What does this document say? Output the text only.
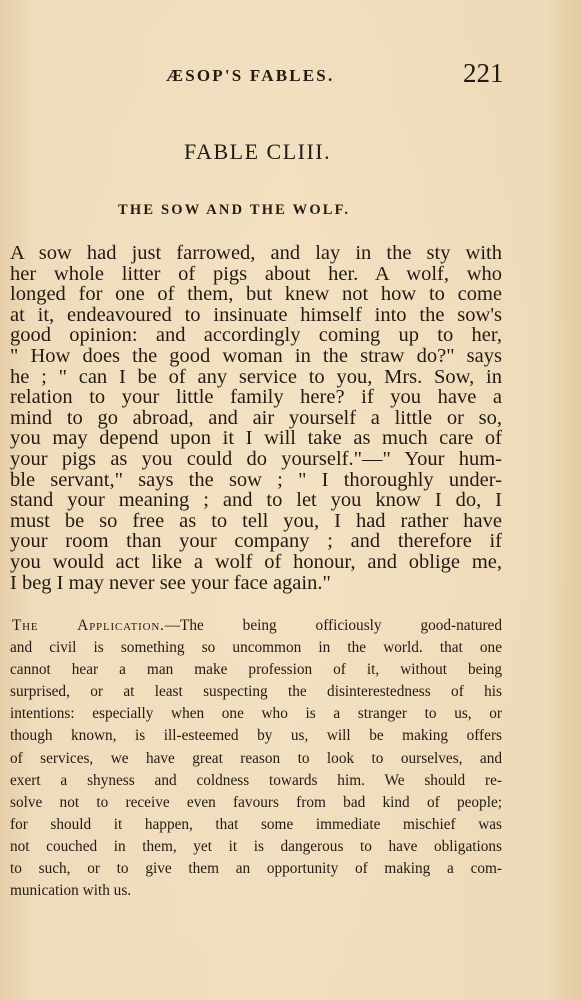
ÆSOP'S FABLES.	221
FABLE CLIII.
THE SOW AND THE WOLF.
A sow had just farrowed, and lay in the sty with
her whole litter of pigs about her. A wolf, who
longed for one of them, but knew not how to come
at it, endeavoured to insinuate himself into the sow's
good opinion: and accordingly coming up to her,
" How does the good woman in the straw do?" says
he ; " can I be of any service to you, Mrs. Sow, in
relation to your little family here? if you have a
mind to go abroad, and air yourself a little or so,
you may depend upon it I will take as much care of
your pigs as you could do yourself."—" Your hum-
ble servant," says the sow ; " I thoroughly under-
stand your meaning ; and to let you know I do, I
must be so free as to tell you, I had rather have
your room than your company ; and therefore if
you would act like a wolf of honour, and oblige me,
I beg I may never see your face again."
The Application.—The being officiously good-natured
and civil is something so uncommon in the world. that one
cannot hear a man make profession of it, without being
surprised, or at least suspecting the disinterestedness of his
intentions: especially when one who is a stranger to us, or
though known, is ill-esteemed by us, will be making offers
of services, we have great reason to look to ourselves, and
exert a shyness and coldness towards him. We should re-
solve not to receive even favours from bad kind of people;
for should it happen, that some immediate mischief was
not couched in them, yet it is dangerous to have obligations
to such, or to give them an opportunity of making a com-
munication with us.
